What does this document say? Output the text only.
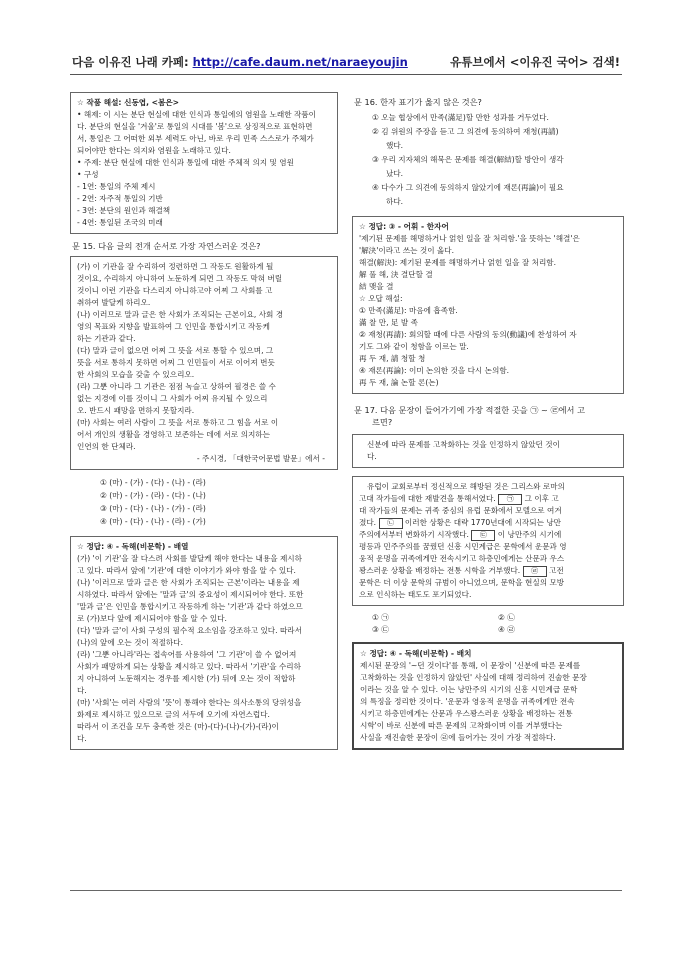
다음 이유진 나래 카페: http://cafe.daum.net/naraeyoujin	유튜브에서 <이유진 국어> 검색!
☆ 작품 해설: 신동엽, <봄은>
• 해제: 이 시는 분단 현실에 대한 인식과 통일에의 염원을 노래한 작품이
다. 분단의 현실을 '겨울'로 통일의 시대를 '봄'으로 상징적으로 표현하면
서, 통일은 그 어떠한 외부 세력도 아닌, 바로 우리 민족 스스로가 주체가
되어야만 한다는 의지와 염원을 노래하고 있다.
• 주제: 분단 현실에 대한 인식과 통일에 대한 주체적 의지 및 염원
• 구성
- 1연: 통일의 주체 제시
- 2연: 자주적 통일의 기반
- 3연: 분단의 원인과 해결책
- 4연: 통일된 조국의 미래
문 15. 다음 글의 전개 순서로 가장 자연스러운 것은?
(가) 이 기관을 잘 수리하여 정련하면 그 작동도 원활하게 될
것이요, 수리하지 아니하여 노둔하게 되면 그 작동도 막혀 버릴
것이니 이런 기관을 다스리지 아니하고야 어찌 그 사회를 고
취하여 발달케 하리오.
(나) 이러므로 말과 글은 한 사회가 조직되는 근본이요, 사회 경
영의 목표와 지향을 발표하여 그 인민을 통합시키고 작동케
하는 기관과 같다.
(다) 말과 글이 없으면 어찌 그 뜻을 서로 통할 수 있으며, 그
뜻을 서로 통하지 못하면 어찌 그 인민들이 서로 이어져 번듯
한 사회의 모습을 갖출 수 있으리오.
(라) 그뿐 아니라 그 기관은 점점 녹슬고 상하여 필경은 쓸 수
없는 지경에 이를 것이니 그 사회가 어찌 유지될 수 있으리
오. 반드시 패망을 면하지 못할지라.
(마) 사회는 여러 사람이 그 뜻을 서로 통하고 그 힘을 서로 이
어서 개인의 생활을 경영하고 보존하는 데에 서로 의지하는
인연의 한 단체라.
- 주시경, 「대한국어문법 발문」에서 -
① (마) - (가) - (다) - (나) - (라)
② (마) - (가) - (라) - (다) - (나)
③ (마) - (다) - (나) - (가) - (라)
④ (마) - (다) - (나) - (라) - (가)
☆ 정답: ④ - 독해(비문학) - 배열
(가) '이 기관'을 잘 다스려 사회를 발달케 해야 한다는 내용을 제시하
고 있다. 따라서 앞에 '기관'에 대한 이야기가 와야 함을 알 수 있다.
(나) '이러므로 말과 글은 한 사회가 조직되는 근본'이라는 내용을 제
시하였다. 따라서 앞에는 '말과 글'의 중요성이 제시되어야 한다. 또한
'말과 글'은 인민을 통합시키고 작동하게 하는 '기관'과 같다 하였으므
로 (가)보다 앞에 제시되어야 함을 알 수 있다.
(다) '말과 글'이 사회 구성의 필수적 요소임을 강조하고 있다. 따라서
(나)의 앞에 오는 것이 적절하다.
(라) '그뿐 아니라'라는 접속어를 사용하여 '그 기관'이 쓸 수 없어져
사회가 패망하게 되는 상황을 제시하고 있다. 따라서 '기관'을 수리하
지 아니하여 노둔해지는 경우를 제시한 (가) 뒤에 오는 것이 적합하
다.
(마) '사회'는 여러 사람의 '뜻'이 통해야 한다는 의사소통의 당위성을
화제로 제시하고 있으므로 글의 서두에 오기에 자연스럽다.
따라서 이 조건을 모두 충족한 것은 (마)-(다)-(나)-(가)-(라)이
다.
문 16. 한자 표기가 옳지 않은 것은?
① 오늘 협상에서 만족(滿足)할 만한 성과를 거두었다.
② 김 위원의 주장을 듣고 그 의견에 동의하여 재청(再請)
했다.
③ 우리 지자체의 해묵은 문제를 해결(解結)할 방안이 생각
났다.
④ 다수가 그 의견에 동의하지 않았기에 재론(再論)이 필요
하다.
☆ 정답: ③ - 어휘 - 한자어
'제기된 문제를 해명하거나 얽힌 일을 잘 처리함.'을 뜻하는 '해결'은
'解決'이라고 쓰는 것이 옳다.
해결(解決): 제기된 문제를 해명하거나 얽힌 일을 잘 처리함.
解 풀 해, 決 결단할 결
結 맺을 결
☆ 오답 해설:
① 만족(滿足): 마음에 흡족함.
滿 찰 만, 足 발 족
② 재청(再請): 회의할 때에 다른 사람의 동의(動議)에 찬성하여 자
기도 그와 같이 청함을 이르는 말.
再 두 재, 請 청할 청
④ 재론(再論): 이미 논의한 것을 다시 논의함.
再 두 재, 論 논할 론(논)
문 17. 다음 문장이 들어가기에 가장 적절한 곳을 ㉠ ~ ㉣에서 고
르면?
신분에 따라 문제를 고착화하는 것을 인정하지 않았던 것이
다.
유럽이 교회로부터 정신적으로 해방된 것은 그리스와 로마의
고대 작가들에 대한 재발견을 통해서였다. ㉠ 그 이후 고
대 작가들의 문제는 귀족 중심의 유럽 문화에서 모델으로 여겨
졌다. ㉡ 이러한 상황은 대략 1770년대에 시작되는 낭만
주의에서부터 변화하기 시작했다. ㉢ 이 낭만주의 시기에
평등과 민주주의를 꿈꿨던 신흥 시민계급은 문학에서 운문과 영
웅적 운명을 귀족에게만 전속시키고 하층민에게는 산문과 우스
꽝스러운 상황을 배정하는 전통 시학을 거부했다. ㉣ 고전
문학은 더 이상 문학의 규범이 아니었으며, 문학을 현실의 모방
으로 인식하는 태도도 포기되었다.
① ㉠	② ㉡
③ ㉢	④ ㉣
☆ 정답: ④ - 독해(비문학) - 배치
제시된 문장의 '~던 것이다'를 통해, 이 문장이 '신분에 따른 문제를
고착화하는 것을 인정하지 않았던' 사실에 대해 정리하여 진술한 문장
이라는 것을 알 수 있다. 이는 낭만주의 시기의 신흥 시민계급 문학
의 특징을 정리한 것이다. '운문과 영웅적 운명을 귀족에게만 전속
시키고 하층민에게는 산문과 우스꽝스러운 상황을 배정하는 전통
시학'이 바로 신분에 따른 문제의 고착화이며 이를 거부했다는
사실을 재진술한 문장이 ㉣에 들어가는 것이 가장 적절하다.
